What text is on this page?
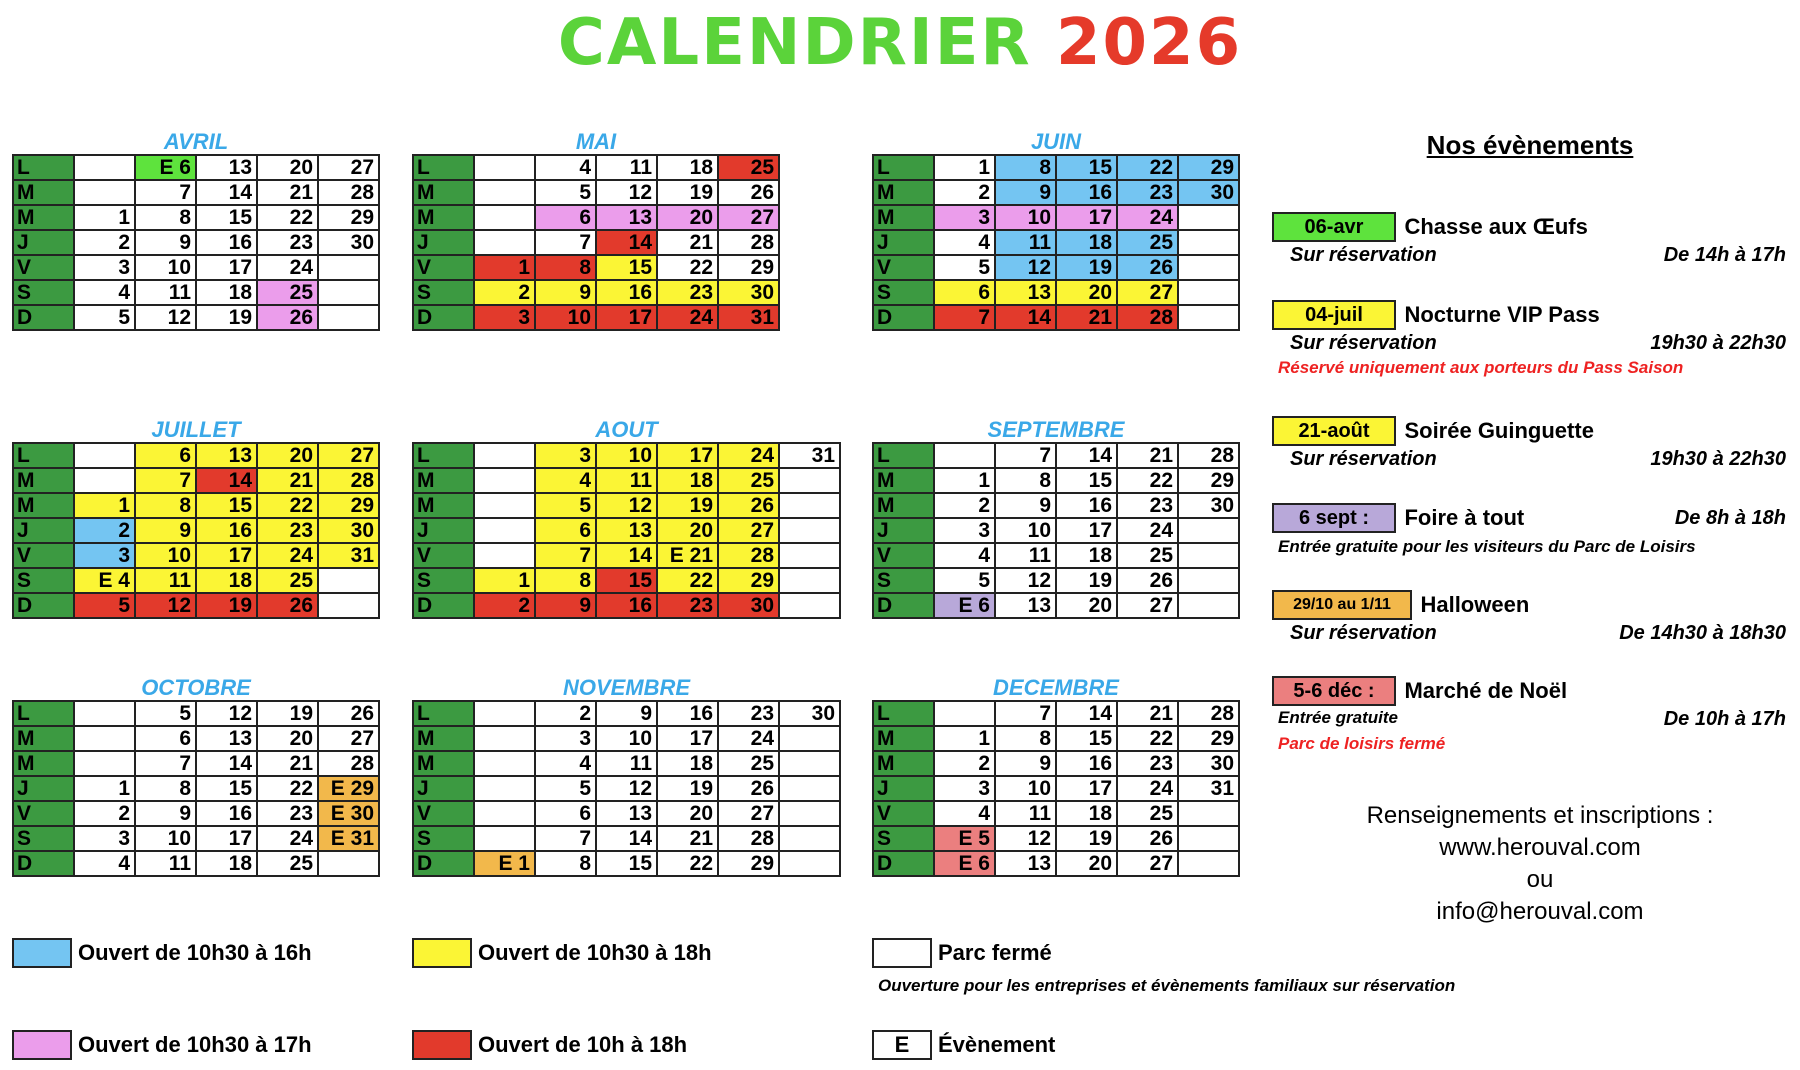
CALENDRIER 2026
AVRIL
L		E 6	13	20	27
M		7	14	21	28
M	1	8	15	22	29
J	2	9	16	23	30
V	3	10	17	24	
S	4	11	18	25	
D	5	12	19	26	
MAI
L		4	11	18	25
M		5	12	19	26
M		6	13	20	27
J		7	14	21	28
V	1	8	15	22	29
S	2	9	16	23	30
D	3	10	17	24	31
JUIN
L	1	8	15	22	29
M	2	9	16	23	30
M	3	10	17	24	
J	4	11	18	25	
V	5	12	19	26	
S	6	13	20	27	
D	7	14	21	28	
JUILLET
L		6	13	20	27
M		7	14	21	28
M	1	8	15	22	29
J	2	9	16	23	30
V	3	10	17	24	31
S	E 4	11	18	25	
D	5	12	19	26	
AOUT
L		3	10	17	24	31
M		4	11	18	25	
M		5	12	19	26	
J		6	13	20	27	
V		7	14	E 21	28	
S	1	8	15	22	29	
D	2	9	16	23	30	
SEPTEMBRE
L		7	14	21	28
M	1	8	15	22	29
M	2	9	16	23	30
J	3	10	17	24	
V	4	11	18	25	
S	5	12	19	26	
D	E 6	13	20	27	
OCTOBRE
L		5	12	19	26
M		6	13	20	27
M		7	14	21	28
J	1	8	15	22	E 29
V	2	9	16	23	E 30
S	3	10	17	24	E 31
D	4	11	18	25	
NOVEMBRE
L		2	9	16	23	30
M		3	10	17	24	
M		4	11	18	25	
J		5	12	19	26	
V		6	13	20	27	
S		7	14	21	28	
D	E 1	8	15	22	29	
DECEMBRE
L		7	14	21	28
M	1	8	15	22	29
M	2	9	16	23	30
J	3	10	17	24	31
V	4	11	18	25	
S	E 5	12	19	26	
D	E 6	13	20	27	
Nos évènements
06-avr Chasse aux Œufs
Sur réservation	De 14h à 17h
04-juil Nocturne VIP Pass
Sur réservation	19h30 à 22h30
Réservé uniquement aux porteurs du Pass Saison
21-août Soirée Guinguette
Sur réservation	19h30 à 22h30
6 sept : Foire à tout	De 8h à 18h
Entrée gratuite pour les visiteurs du Parc de Loisirs
29/10 au 1/11 Halloween
Sur réservation	De 14h30 à 18h30
5-6 déc : Marché de Noël
Entrée gratuite	De 10h à 17h
Parc de loisirs fermé
Renseignements et inscriptions :
www.herouval.com
ou
info@herouval.com
Ouvert de 10h30 à 16h	Ouvert de 10h30 à 18h	Parc fermé
Ouverture pour les entreprises et évènements familiaux sur réservation
Ouvert de 10h30 à 17h	Ouvert de 10h à 18h	E Évènement
